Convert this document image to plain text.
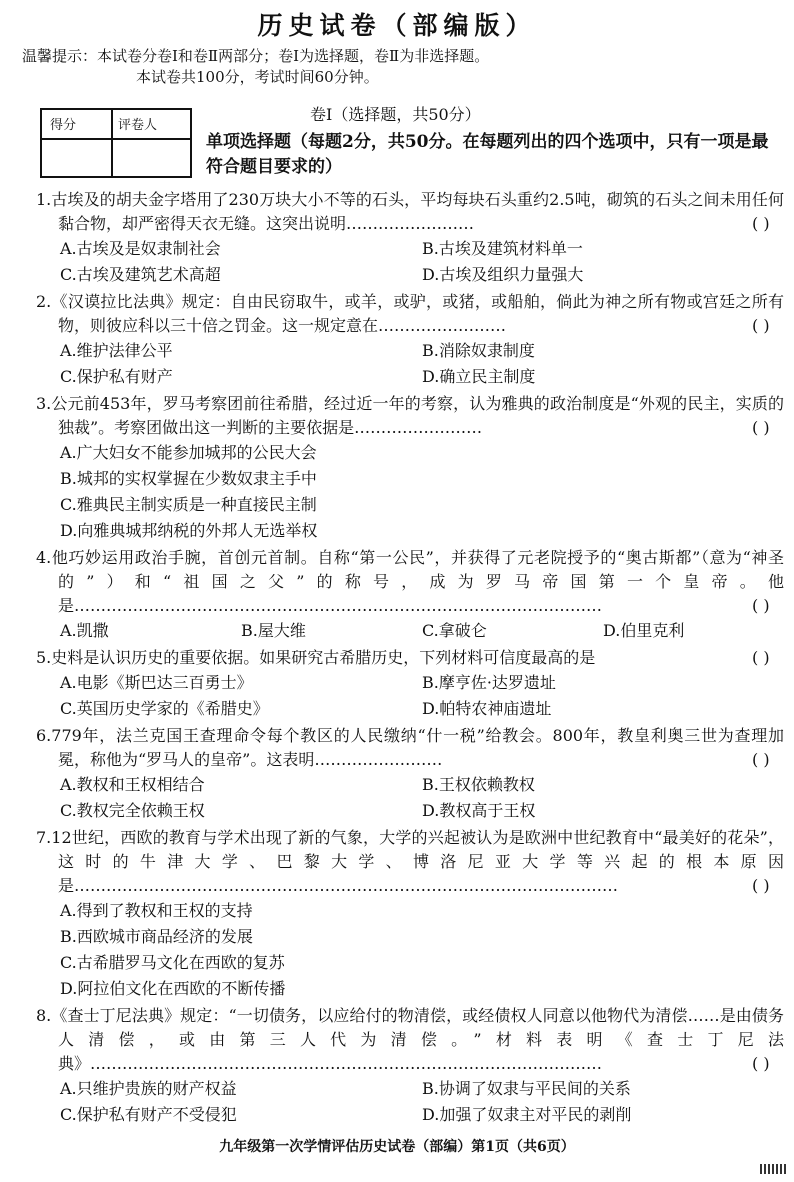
历史试卷（部编版）
温馨提示：本试卷分卷Ⅰ和卷Ⅱ两部分；卷Ⅰ为选择题，卷Ⅱ为非选择题。
本试卷共100分，考试时间60分钟。
得分	评卷人
卷Ⅰ（选择题，共50分）
单项选择题（每题2分，共50分。在每题列出的四个选项中，只有一项是最符合题目要求的）
1.古埃及的胡夫金字塔用了230万块大小不等的石头，平均每块石头重约2.5吨，砌筑的石头之间未用任何黏合物，却严密得天衣无缝。这突出说明……………………	( )
A.古埃及是奴隶制社会	B.古埃及建筑材料单一
C.古埃及建筑艺术高超	D.古埃及组织力量强大
2.《汉谟拉比法典》规定：自由民窃取牛，或羊，或驴，或猪，或船舶，倘此为神之所有物或宫廷之所有物，则彼应科以三十倍之罚金。这一规定意在……………………	( )
A.维护法律公平	B.消除奴隶制度
C.保护私有财产	D.确立民主制度
3.公元前453年，罗马考察团前往希腊，经过近一年的考察，认为雅典的政治制度是“外观的民主，实质的独裁”。考察团做出这一判断的主要依据是……………………	( )
A.广大妇女不能参加城邦的公民大会
B.城邦的实权掌握在少数奴隶主手中
C.雅典民主制实质是一种直接民主制
D.向雅典城邦纳税的外邦人无选举权
4.他巧妙运用政治手腕，首创元首制。自称“第一公民”，并获得了元老院授予的“奥古斯都”（意为“神圣的”）和“祖国之父”的称号，成为罗马帝国第一个皇帝。他是………………………………………………………………………………………	( )
A.凯撒	B.屋大维	C.拿破仑	D.伯里克利
5.史料是认识历史的重要依据。如果研究古希腊历史，下列材料可信度最高的是	( )
A.电影《斯巴达三百勇士》	B.摩亨佐·达罗遗址
C.英国历史学家的《希腊史》	D.帕特农神庙遗址
6.779年，法兰克国王查理命令每个教区的人民缴纳“什一税”给教会。800年，教皇利奥三世为查理加冕，称他为“罗马人的皇帝”。这表明……………………	( )
A.教权和王权相结合	B.王权依赖教权
C.教权完全依赖王权	D.教权高于王权
7.12世纪，西欧的教育与学术出现了新的气象，大学的兴起被认为是欧洲中世纪教育中“最美好的花朵”，这时的牛津大学、巴黎大学、博洛尼亚大学等兴起的根本原因是…………………………………………………………………………………………	( )
A.得到了教权和王权的支持
B.西欧城市商品经济的发展
C.古希腊罗马文化在西欧的复苏
D.阿拉伯文化在西欧的不断传播
8.《查士丁尼法典》规定：“一切债务，以应给付的物清偿，或经债权人同意以他物代为清偿……是由债务人清偿，或由第三人代为清偿。”材料表明《查士丁尼法典》……………………………………………………………………………………	( )
A.只维护贵族的财产权益	B.协调了奴隶与平民间的关系
C.保护私有财产不受侵犯	D.加强了奴隶主对平民的剥削
九年级第一次学情评估历史试卷（部编）第1页（共6页）
